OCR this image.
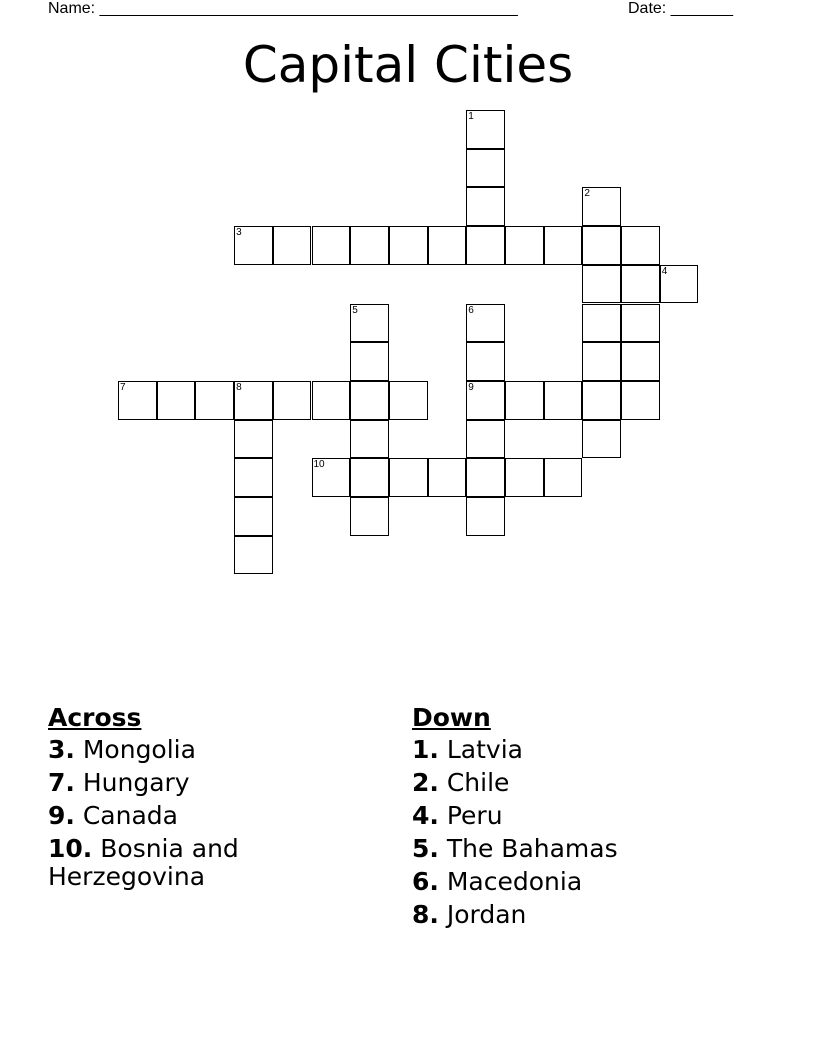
Name: _______________________________________________	Date: _______
Capital Cities
1
2
3
5	6
9
7	8
10
4
Across

3. Mongolia

7. Hungary

9. Canada

10. Bosnia and Herzegovina

Down

1. Latvia

2. Chile

4. Peru

5. The Bahamas

6. Macedonia

8. Jordan
